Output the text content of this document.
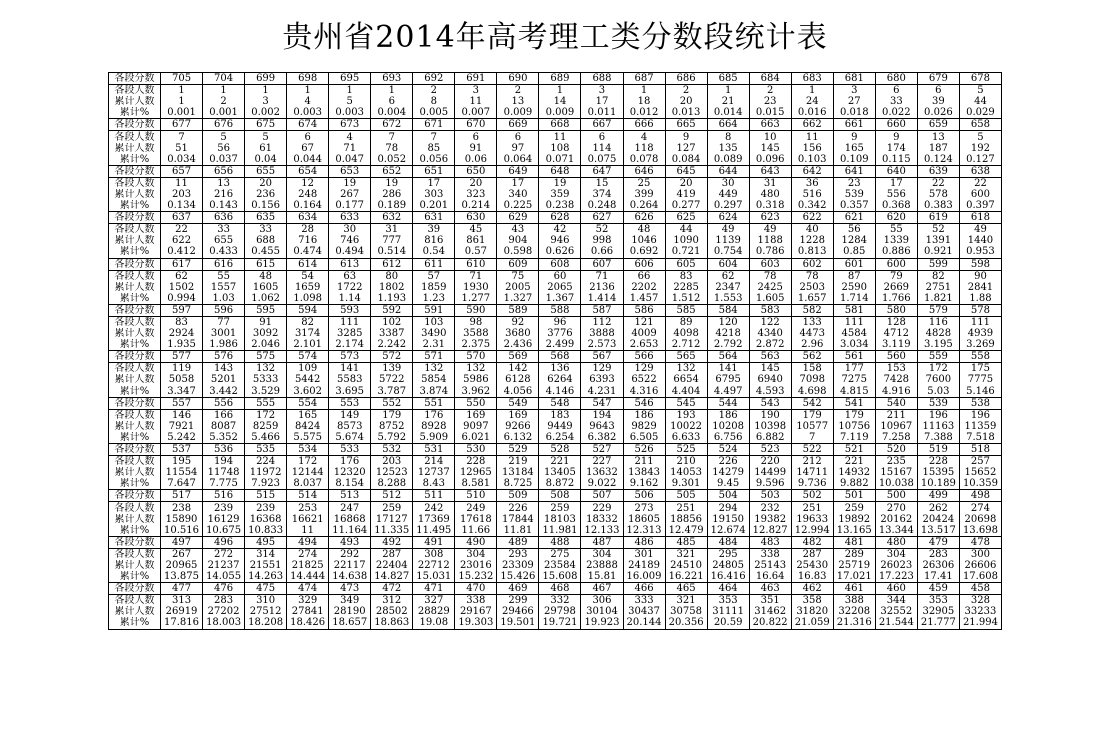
贵州省2014年高考理工类分数段统计表
各段分数	705	704	699	698	695	693	692	691	690	689	688	687	686	685	684	683	681	680	679	678
各段人数	1	1	1	1	1	1	2	3	2	1	3	1	2	1	2	1	3	6	6	5
累计人数	1	2	3	4	5	6	8	11	13	14	17	18	20	21	23	24	27	33	39	44
累计%	0.001	0.001	0.002	0.003	0.003	0.004	0.005	0.007	0.009	0.009	0.011	0.012	0.013	0.014	0.015	0.016	0.018	0.022	0.026	0.029
各段分数	677	676	675	674	673	672	671	670	669	668	667	666	665	664	663	662	661	660	659	658
各段人数	7	5	5	6	4	7	7	6	6	11	6	4	9	8	10	11	9	9	13	5
累计人数	51	56	61	67	71	78	85	91	97	108	114	118	127	135	145	156	165	174	187	192
累计%	0.034	0.037	0.04	0.044	0.047	0.052	0.056	0.06	0.064	0.071	0.075	0.078	0.084	0.089	0.096	0.103	0.109	0.115	0.124	0.127
各段分数	657	656	655	654	653	652	651	650	649	648	647	646	645	644	643	642	641	640	639	638
各段人数	11	13	20	12	19	19	17	20	17	19	15	25	20	30	31	36	23	17	22	22
累计人数	203	216	236	248	267	286	303	323	340	359	374	399	419	449	480	516	539	556	578	600
累计%	0.134	0.143	0.156	0.164	0.177	0.189	0.201	0.214	0.225	0.238	0.248	0.264	0.277	0.297	0.318	0.342	0.357	0.368	0.383	0.397
各段分数	637	636	635	634	633	632	631	630	629	628	627	626	625	624	623	622	621	620	619	618
各段人数	22	33	33	28	30	31	39	45	43	42	52	48	44	49	49	40	56	55	52	49
累计人数	622	655	688	716	746	777	816	861	904	946	998	1046	1090	1139	1188	1228	1284	1339	1391	1440
累计%	0.412	0.433	0.455	0.474	0.494	0.514	0.54	0.57	0.598	0.626	0.66	0.692	0.721	0.754	0.786	0.813	0.85	0.886	0.921	0.953
各段分数	617	616	615	614	613	612	611	610	609	608	607	606	605	604	603	602	601	600	599	598
各段人数	62	55	48	54	63	80	57	71	75	60	71	66	83	62	78	78	87	79	82	90
累计人数	1502	1557	1605	1659	1722	1802	1859	1930	2005	2065	2136	2202	2285	2347	2425	2503	2590	2669	2751	2841
累计%	0.994	1.03	1.062	1.098	1.14	1.193	1.23	1.277	1.327	1.367	1.414	1.457	1.512	1.553	1.605	1.657	1.714	1.766	1.821	1.88
各段分数	597	596	595	594	593	592	591	590	589	588	587	586	585	584	583	582	581	580	579	578
各段人数	83	77	91	82	111	102	103	98	92	96	112	121	89	120	122	133	111	128	116	111
累计人数	2924	3001	3092	3174	3285	3387	3490	3588	3680	3776	3888	4009	4098	4218	4340	4473	4584	4712	4828	4939
累计%	1.935	1.986	2.046	2.101	2.174	2.242	2.31	2.375	2.436	2.499	2.573	2.653	2.712	2.792	2.872	2.96	3.034	3.119	3.195	3.269
各段分数	577	576	575	574	573	572	571	570	569	568	567	566	565	564	563	562	561	560	559	558
各段人数	119	143	132	109	141	139	132	132	142	136	129	129	132	141	145	158	177	153	172	175
累计人数	5058	5201	5333	5442	5583	5722	5854	5986	6128	6264	6393	6522	6654	6795	6940	7098	7275	7428	7600	7775
累计%	3.347	3.442	3.529	3.602	3.695	3.787	3.874	3.962	4.056	4.146	4.231	4.316	4.404	4.497	4.593	4.698	4.815	4.916	5.03	5.146
各段分数	557	556	555	554	553	552	551	550	549	548	547	546	545	544	543	542	541	540	539	538
各段人数	146	166	172	165	149	179	176	169	169	183	194	186	193	186	190	179	179	211	196	196
累计人数	7921	8087	8259	8424	8573	8752	8928	9097	9266	9449	9643	9829	10022	10208	10398	10577	10756	10967	11163	11359
累计%	5.242	5.352	5.466	5.575	5.674	5.792	5.909	6.021	6.132	6.254	6.382	6.505	6.633	6.756	6.882	7	7.119	7.258	7.388	7.518
各段分数	537	536	535	534	533	532	531	530	529	528	527	526	525	524	523	522	521	520	519	518
各段人数	195	194	224	172	176	203	214	228	219	221	227	211	210	226	220	212	221	235	228	257
累计人数	11554	11748	11972	12144	12320	12523	12737	12965	13184	13405	13632	13843	14053	14279	14499	14711	14932	15167	15395	15652
累计%	7.647	7.775	7.923	8.037	8.154	8.288	8.43	8.581	8.725	8.872	9.022	9.162	9.301	9.45	9.596	9.736	9.882	10.038	10.189	10.359
各段分数	517	516	515	514	513	512	511	510	509	508	507	506	505	504	503	502	501	500	499	498
各段人数	238	239	239	253	247	259	242	249	226	259	229	273	251	294	232	251	259	270	262	274
累计人数	15890	16129	16368	16621	16868	17127	17369	17618	17844	18103	18332	18605	18856	19150	19382	19633	19892	20162	20424	20698
累计%	10.516	10.675	10.833	11	11.164	11.335	11.495	11.66	11.81	11.981	12.133	12.313	12.479	12.674	12.827	12.994	13.165	13.344	13.517	13.698
各段分数	497	496	495	494	493	492	491	490	489	488	487	486	485	484	483	482	481	480	479	478
各段人数	267	272	314	274	292	287	308	304	293	275	304	301	321	295	338	287	289	304	283	300
累计人数	20965	21237	21551	21825	22117	22404	22712	23016	23309	23584	23888	24189	24510	24805	25143	25430	25719	26023	26306	26606
累计%	13.875	14.055	14.263	14.444	14.638	14.827	15.031	15.232	15.426	15.608	15.81	16.009	16.221	16.416	16.64	16.83	17.021	17.223	17.41	17.608
各段分数	477	476	475	474	473	472	471	470	469	468	467	466	465	464	463	462	461	460	459	458
各段人数	313	283	310	329	349	312	327	338	299	332	306	333	321	353	351	358	388	344	353	328
累计人数	26919	27202	27512	27841	28190	28502	28829	29167	29466	29798	30104	30437	30758	31111	31462	31820	32208	32552	32905	33233
累计%	17.816	18.003	18.208	18.426	18.657	18.863	19.08	19.303	19.501	19.721	19.923	20.144	20.356	20.59	20.822	21.059	21.316	21.544	21.777	21.994
